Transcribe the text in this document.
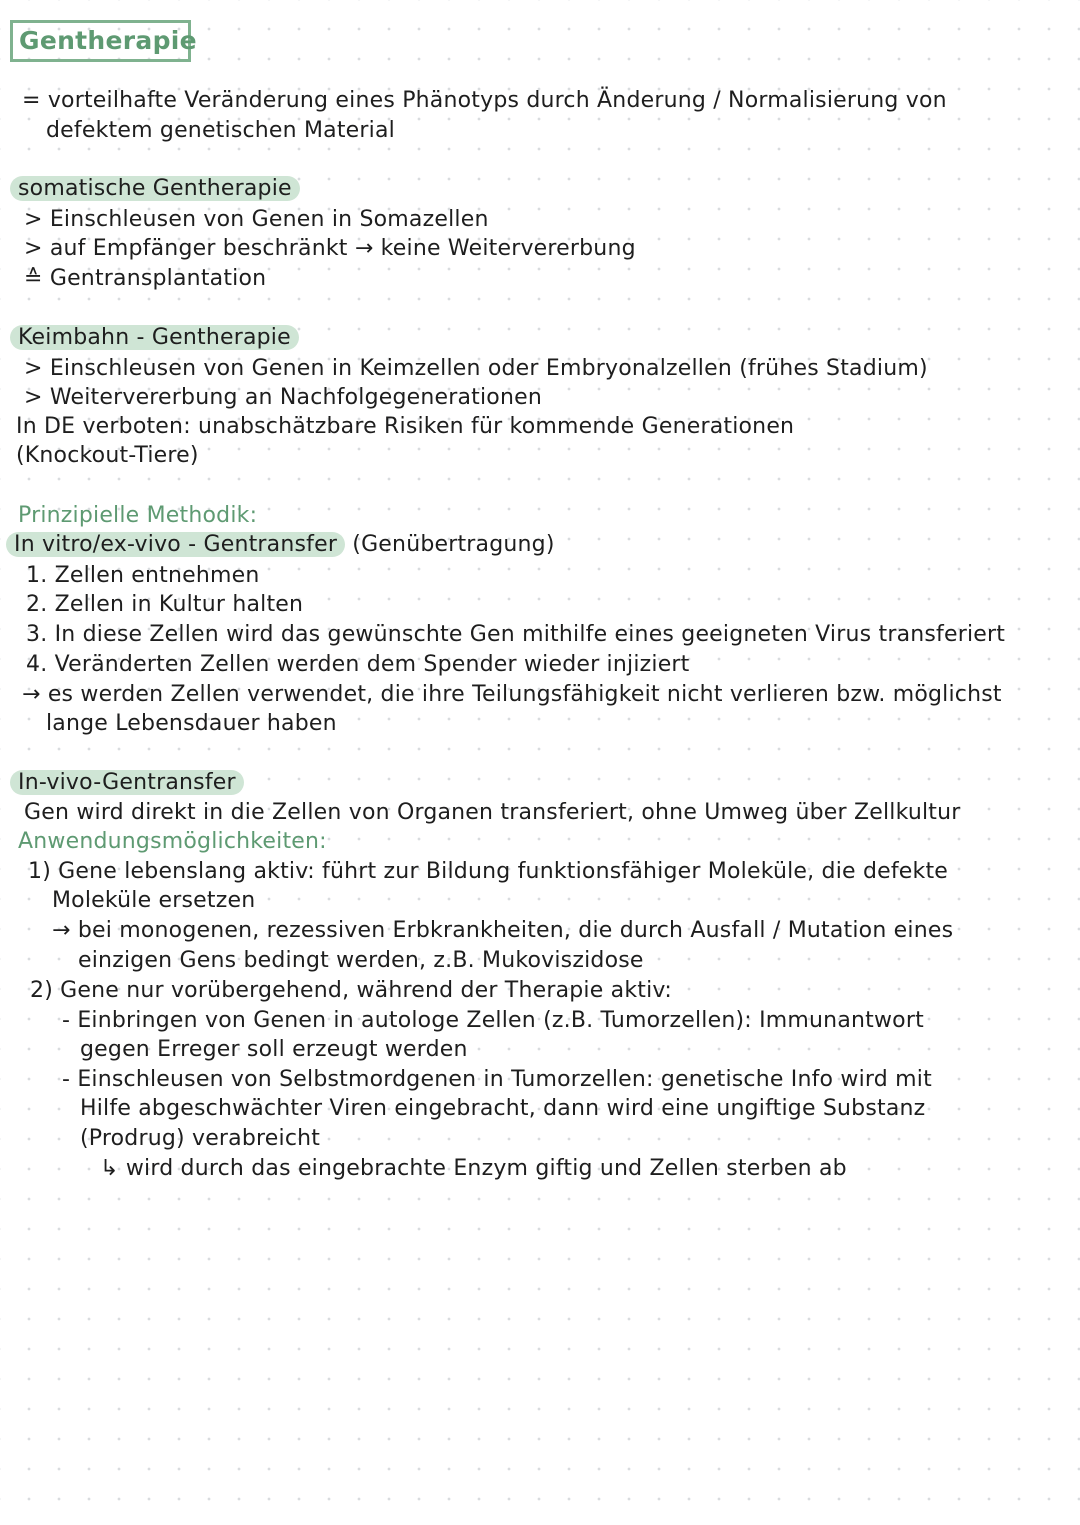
Gentherapie
= vorteilhafte Veränderung eines Phänotyps durch Änderung / Normalisierung von
defektem genetischen Material
somatische Gentherapie
> Einschleusen von Genen in Somazellen
> auf Empfänger beschränkt → keine Weitervererbung
≙ Gentransplantation
Keimbahn - Gentherapie
> Einschleusen von Genen in Keimzellen oder Embryonalzellen (frühes Stadium)
> Weitervererbung an Nachfolgegenerationen
In DE verboten: unabschätzbare Risiken für kommende Generationen
(Knockout-Tiere)
Prinzipielle Methodik:
In vitro/ex-vivo - Gentransfer (Genübertragung)
1. Zellen entnehmen
2. Zellen in Kultur halten
3. In diese Zellen wird das gewünschte Gen mithilfe eines geeigneten Virus transferiert
4. Veränderten Zellen werden dem Spender wieder injiziert
→ es werden Zellen verwendet, die ihre Teilungsfähigkeit nicht verlieren bzw. möglichst
lange Lebensdauer haben
In-vivo-Gentransfer
Gen wird direkt in die Zellen von Organen transferiert, ohne Umweg über Zellkultur
Anwendungsmöglichkeiten:
1) Gene lebenslang aktiv: führt zur Bildung funktionsfähiger Moleküle, die defekte
Moleküle ersetzen
→ bei monogenen, rezessiven Erbkrankheiten, die durch Ausfall / Mutation eines
einzigen Gens bedingt werden, z.B. Mukoviszidose
2) Gene nur vorübergehend, während der Therapie aktiv:
- Einbringen von Genen in autologe Zellen (z.B. Tumorzellen): Immunantwort
gegen Erreger soll erzeugt werden
- Einschleusen von Selbstmordgenen in Tumorzellen: genetische Info wird mit
Hilfe abgeschwächter Viren eingebracht, dann wird eine ungiftige Substanz
(Prodrug) verabreicht
↳ wird durch das eingebrachte Enzym giftig und Zellen sterben ab
